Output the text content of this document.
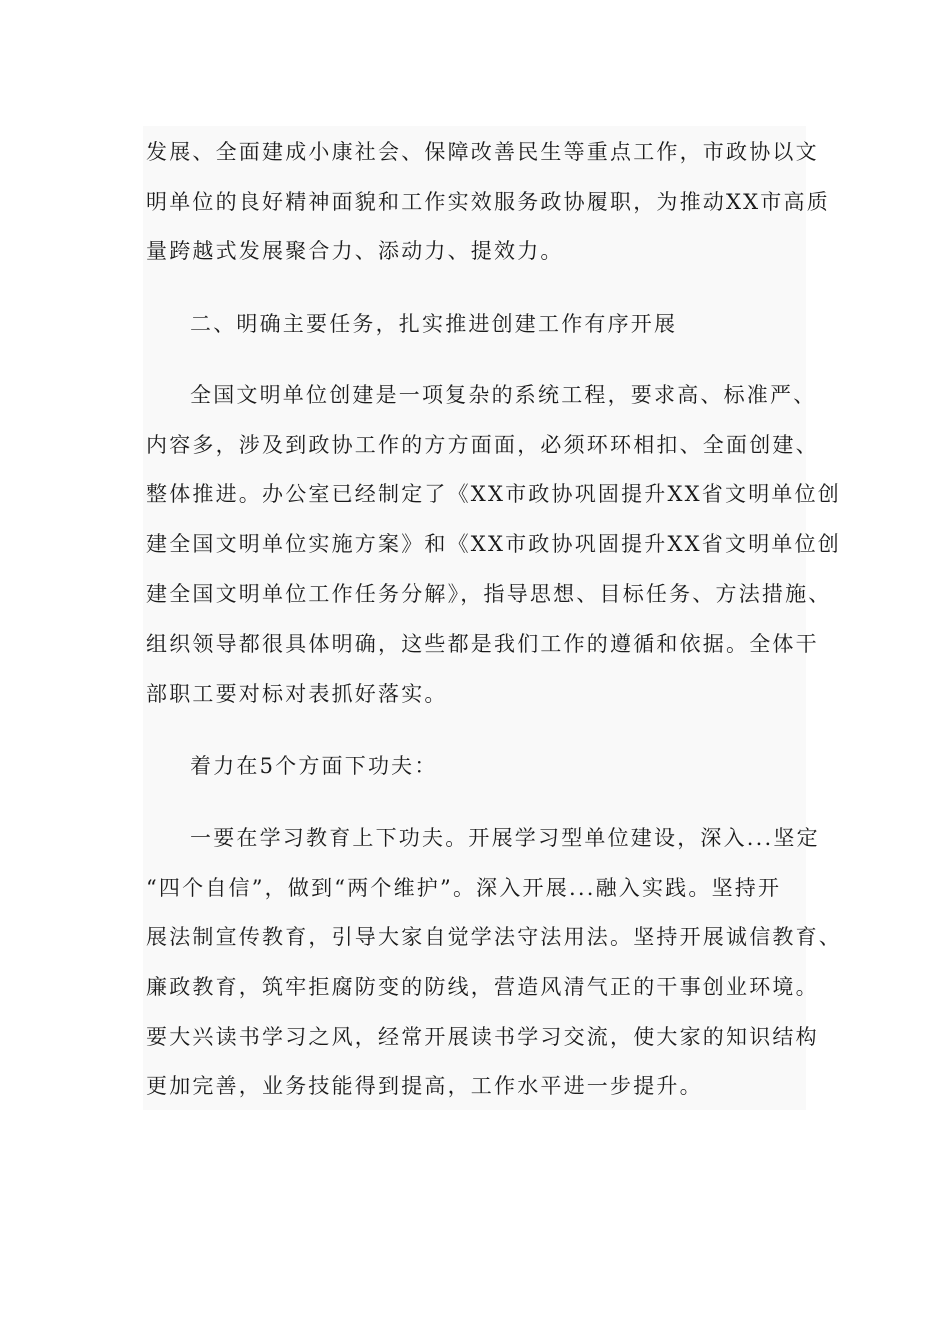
发展、全面建成小康社会、保障改善民生等重点工作，市政协以文
明单位的良好精神面貌和工作实效服务政协履职，为推动XX市高质
量跨越式发展聚合力、添动力、提效力。
二、明确主要任务，扎实推进创建工作有序开展
全国文明单位创建是一项复杂的系统工程，要求高、标准严、
内容多，涉及到政协工作的方方面面，必须环环相扣、全面创建、
整体推进。办公室已经制定了《XX市政协巩固提升XX省文明单位创
建全国文明单位实施方案》和《XX市政协巩固提升XX省文明单位创
建全国文明单位工作任务分解》，指导思想、目标任务、方法措施、
组织领导都很具体明确，这些都是我们工作的遵循和依据。全体干
部职工要对标对表抓好落实。
着力在5个方面下功夫：
一要在学习教育上下功夫。开展学习型单位建设，深入...坚定
“四个自信”，做到“两个维护”。深入开展...融入实践。坚持开
展法制宣传教育，引导大家自觉学法守法用法。坚持开展诚信教育、
廉政教育，筑牢拒腐防变的防线，营造风清气正的干事创业环境。
要大兴读书学习之风，经常开展读书学习交流，使大家的知识结构
更加完善，业务技能得到提高，工作水平进一步提升。
